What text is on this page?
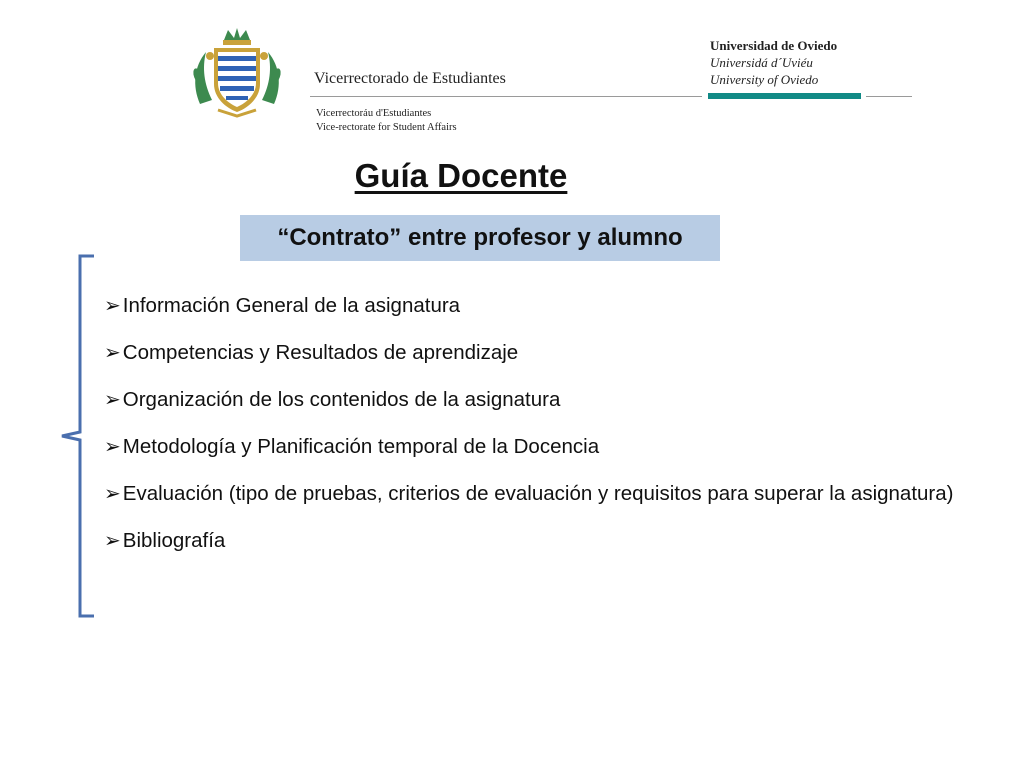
Vicerrectorado de Estudiantes
Vicerrectoráu d'Estudiantes
Vice-rectorate for Student Affairs
Universidad de Oviedo
Universidá d´Uviéu
University of Oviedo
Guía Docente
“Contrato” entre profesor y alumno
➢Información General de la asignatura
➢Competencias y Resultados de aprendizaje
➢Organización de los contenidos de la asignatura
➢Metodología y Planificación temporal de la Docencia
➢Evaluación (tipo de pruebas, criterios de evaluación y requisitos para superar la asignatura)
➢Bibliografía
